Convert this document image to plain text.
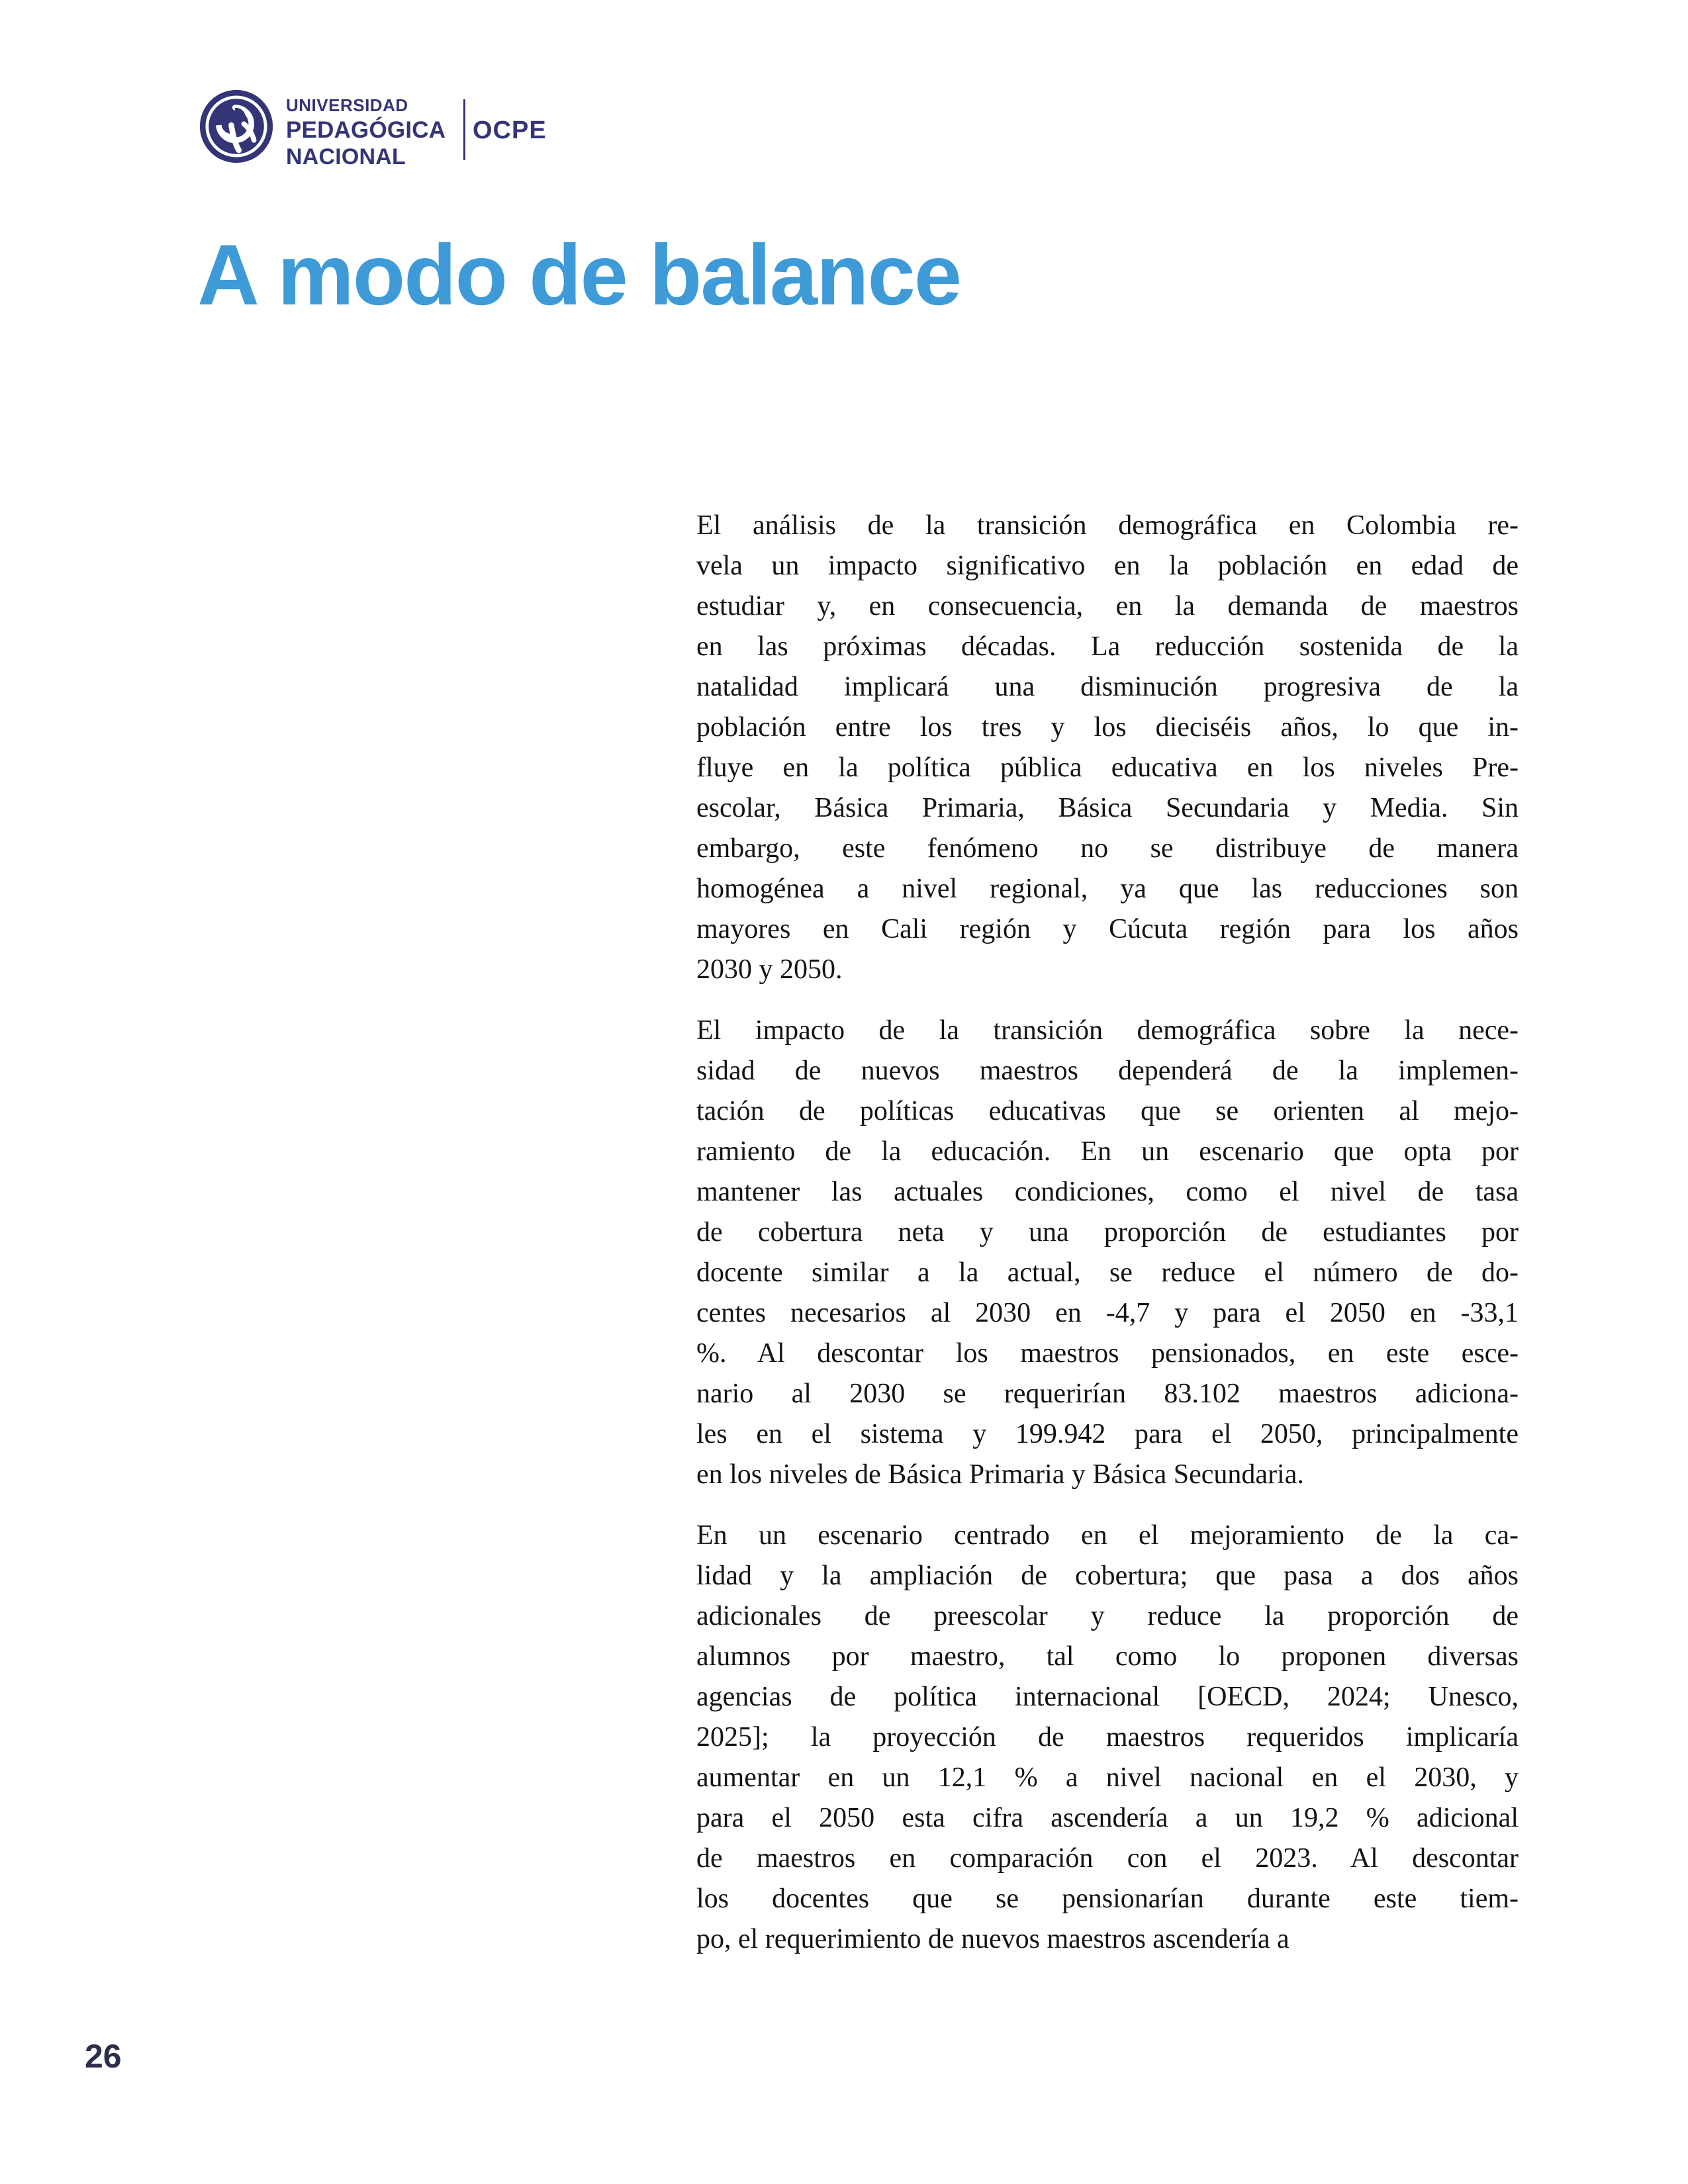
UNIVERSIDAD
PEDAGÓGICA
NACIONAL
OCPE
A modo de balance
El análisis de la transición demográfica en Colombia re-
vela un impacto significativo en la población en edad de
estudiar y, en consecuencia, en la demanda de maestros
en las próximas décadas. La reducción sostenida de la
natalidad implicará una disminución progresiva de la
población entre los tres y los dieciséis años, lo que in-
fluye en la política pública educativa en los niveles Pre-
escolar, Básica Primaria, Básica Secundaria y Media. Sin
embargo, este fenómeno no se distribuye de manera
homogénea a nivel regional, ya que las reducciones son
mayores en Cali región y Cúcuta región para los años
2030 y 2050.
El impacto de la transición demográfica sobre la nece-
sidad de nuevos maestros dependerá de la implemen-
tación de políticas educativas que se orienten al mejo-
ramiento de la educación. En un escenario que opta por
mantener las actuales condiciones, como el nivel de tasa
de cobertura neta y una proporción de estudiantes por
docente similar a la actual, se reduce el número de do-
centes necesarios al 2030 en -4,7 y para el 2050 en -33,1
%. Al descontar los maestros pensionados, en este esce-
nario al 2030 se requerirían 83.102 maestros adiciona-
les en el sistema y 199.942 para el 2050, principalmente
en los niveles de Básica Primaria y Básica Secundaria.
En un escenario centrado en el mejoramiento de la ca-
lidad y la ampliación de cobertura; que pasa a dos años
adicionales de preescolar y reduce la proporción de
alumnos por maestro, tal como lo proponen diversas
agencias de política internacional [OECD, 2024; Unesco,
2025]; la proyección de maestros requeridos implicaría
aumentar en un 12,1 % a nivel nacional en el 2030, y
para el 2050 esta cifra ascendería a un 19,2 % adicional
de maestros en comparación con el 2023. Al descontar
los docentes que se pensionarían durante este tiem-
po, el requerimiento de nuevos maestros ascendería a
26
